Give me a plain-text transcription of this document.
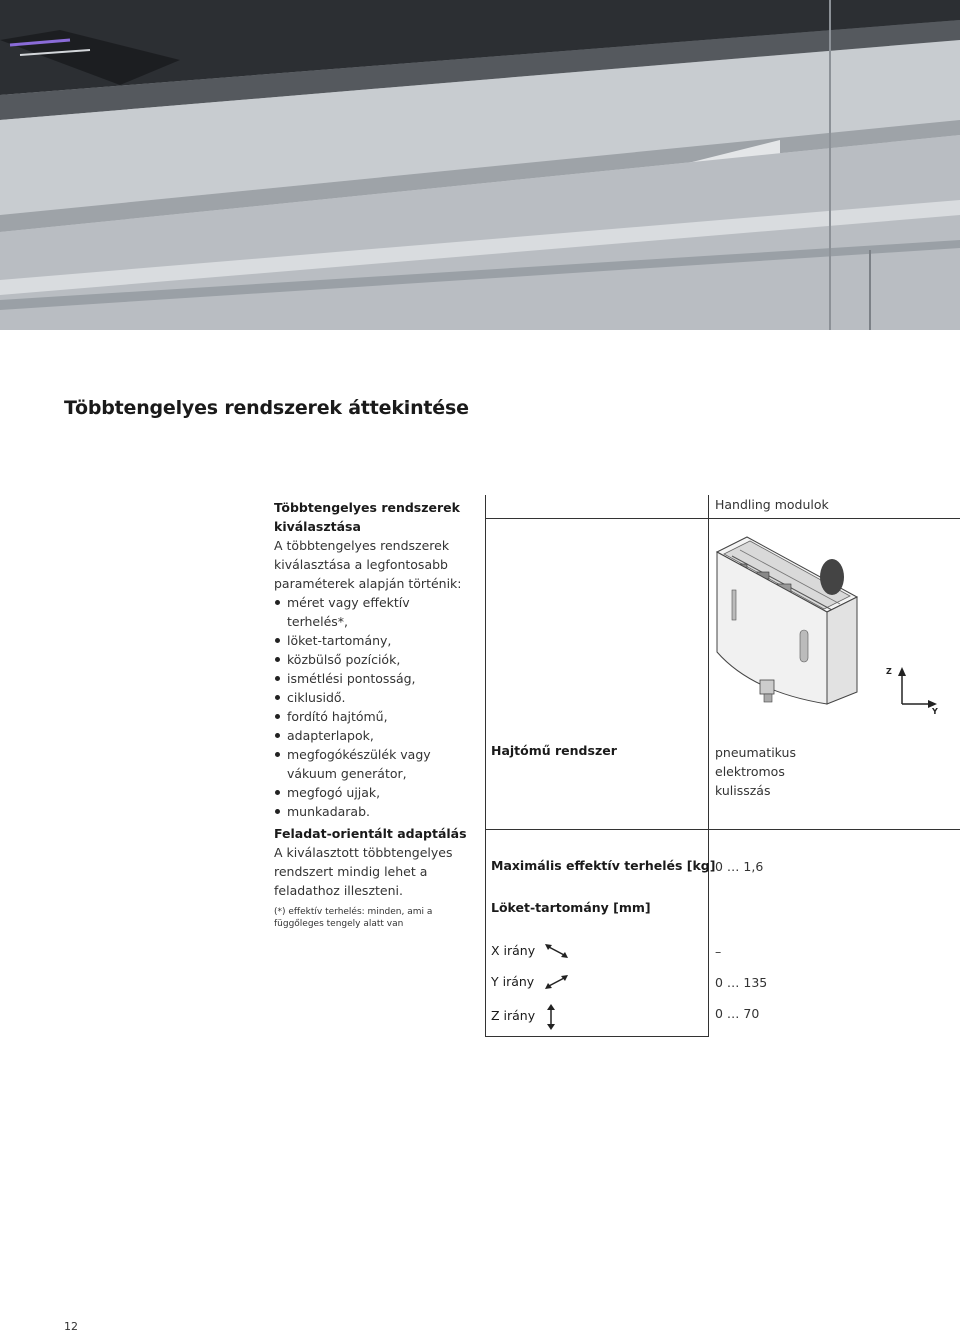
Többtengelyes rendszerek áttekintése
Többtengelyes rendszerek kiválasztása

A többtengelyes rendszerek kiválasztása a legfontosabb paraméterek alapján történik:

méret vagy effektív terhelés*,
löket-tartomány,
közbülső pozíciók,
ismétlési pontosság,
ciklusidő.
fordító hajtómű,
adapterlapok,
megfogókészülék vagy vákuum generátor,
megfogó ujjak,
munkadarab.
Feladat-orientált adaptálás

A kiválasztott többtengelyes rendszert mindig lehet a feladathoz illeszteni.

(*) effektív terhelés: minden, ami a függőleges tengely alatt van

Handling modulok
Z
Y
Hajtómű rendszer	pneumatikus
elektromos
kulisszás
Maximális effektív terhelés [kg] 0 … 1,6
Löket-tartomány [mm]
X irány	–
Y irány	0 … 135
Z irány	0 … 70
12
